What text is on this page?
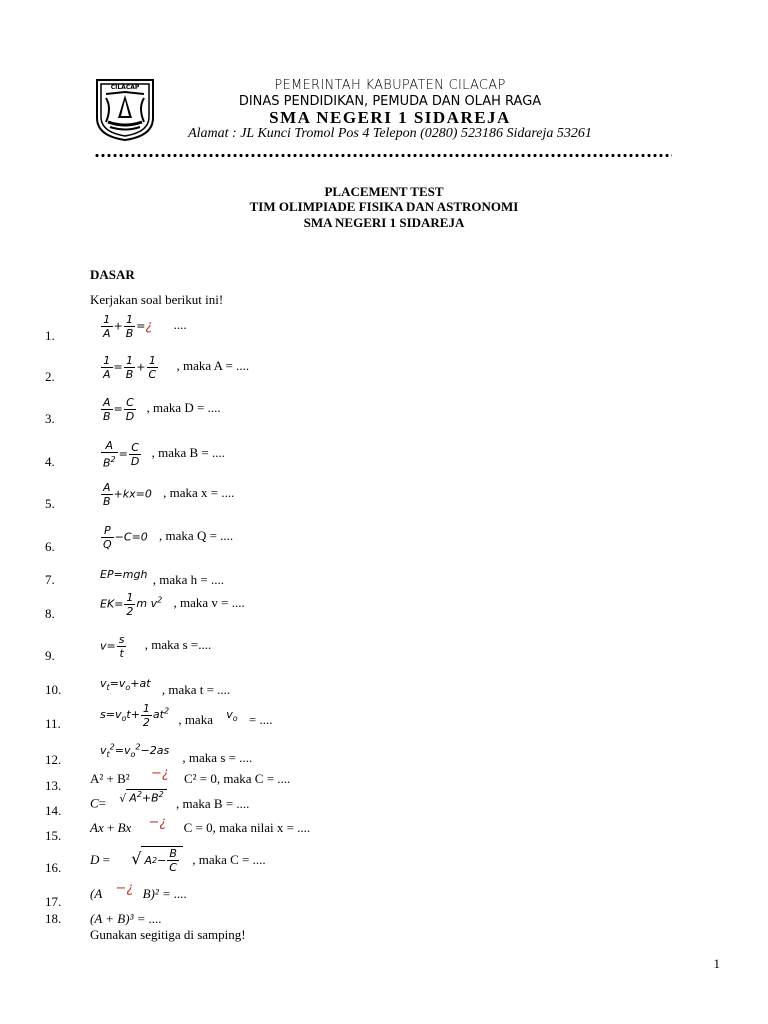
CILACAP	PEMERINTAH KABUPATEN CILACAP
DINAS PENDIDIKAN, PEMUDA DAN OLAH RAGA
SMA NEGERI 1 SIDAREJA
Alamat : JL Kunci Tromol Pos 4 Telepon (0280) 523186 Sidareja 53261
PLACEMENT TEST
TIM OLIMPIADE FISIKA DAN ASTRONOMI
SMA NEGERI 1 SIDAREJA
DASAR
Kerjakan soal berikut ini!
1.
2.
3.
4.
5.
6.
7.
8.
9.
10.
11.
12.
13.
14.
15.
16.
17.
18.
$\frac{1}{A} + \frac{1}{B}$ =¿ ....
$\frac{1}{A} = \frac{1}{B} + \frac{1}{C}$ , maka A = ....
$\frac{A}{B} = \frac{C}{D}$ , maka D = ....
$\frac{A}{B^2} = \frac{C}{D}$ , maka B = ....
$\frac{A}{B} +kx=0$ , maka x = ....
$\frac{P}{Q} -C=0$ , maka Q = ....
EP=mgh , maka h = ....
$EK= \frac{1}{2}$ m $v^2$ , maka v = ....
$v= \frac{s}{t}$ , maka s =....
$v_t=v_o+at$ , maka t = ....
$s=v_ot+ \frac{1}{2} at^2$ , maka $v_o$ = ....
$v_t^2=v_o^2-2as$ , maka s = ....
A² + B² −¿ C² = 0, maka C = ....
C= √ $A^2+B^2$ , maka B = ....
Ax + Bx −¿ C = 0, maka nilai x = ....
D = √ A $2 - \frac{B}{C}$ , maka C = ....
(A −¿ B)² = ....
(A + B)³ = ....
Gunakan segitiga di samping!
1
